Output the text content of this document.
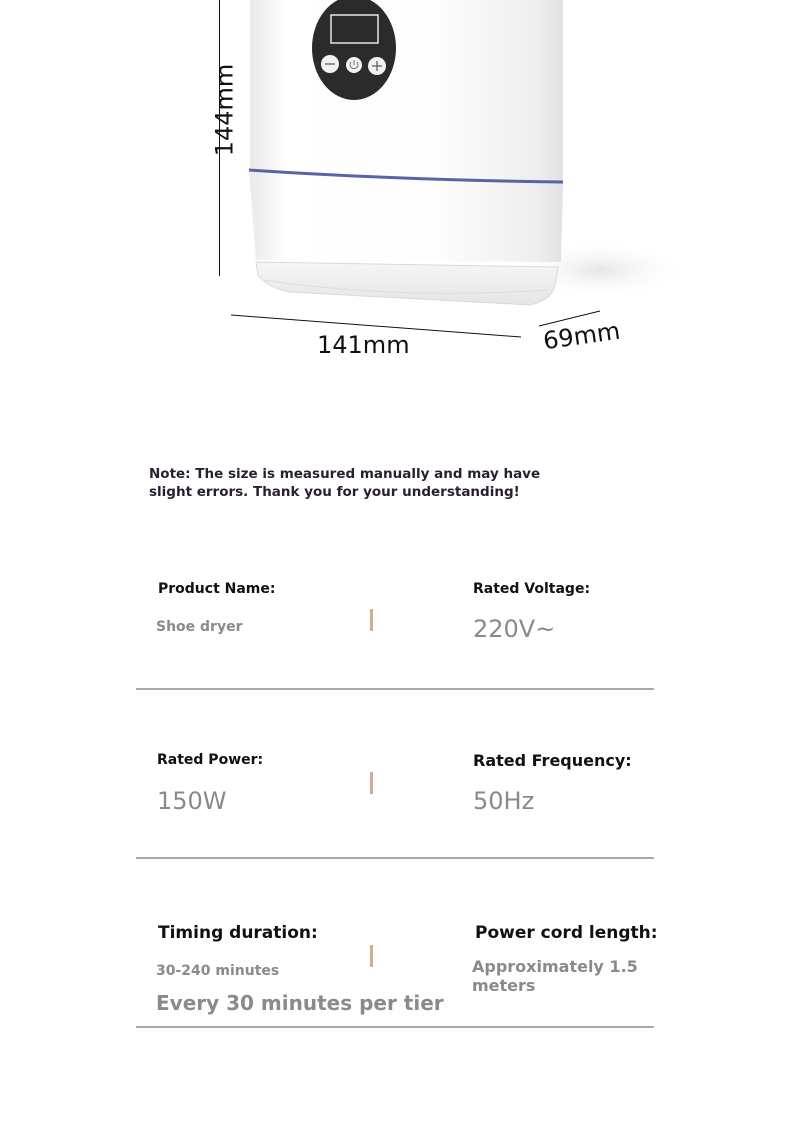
144mm
141mm	69mm
Note: The size is measured manually and may have slight errors. Thank you for your understanding!
Product Name:
Shoe dryer
Rated Voltage:
220V~
Rated Power:
150W
Rated Frequency:
50Hz
Timing duration:
30-240 minutes
Every 30 minutes per tier
Power cord length:
Approximately 1.5 meters
